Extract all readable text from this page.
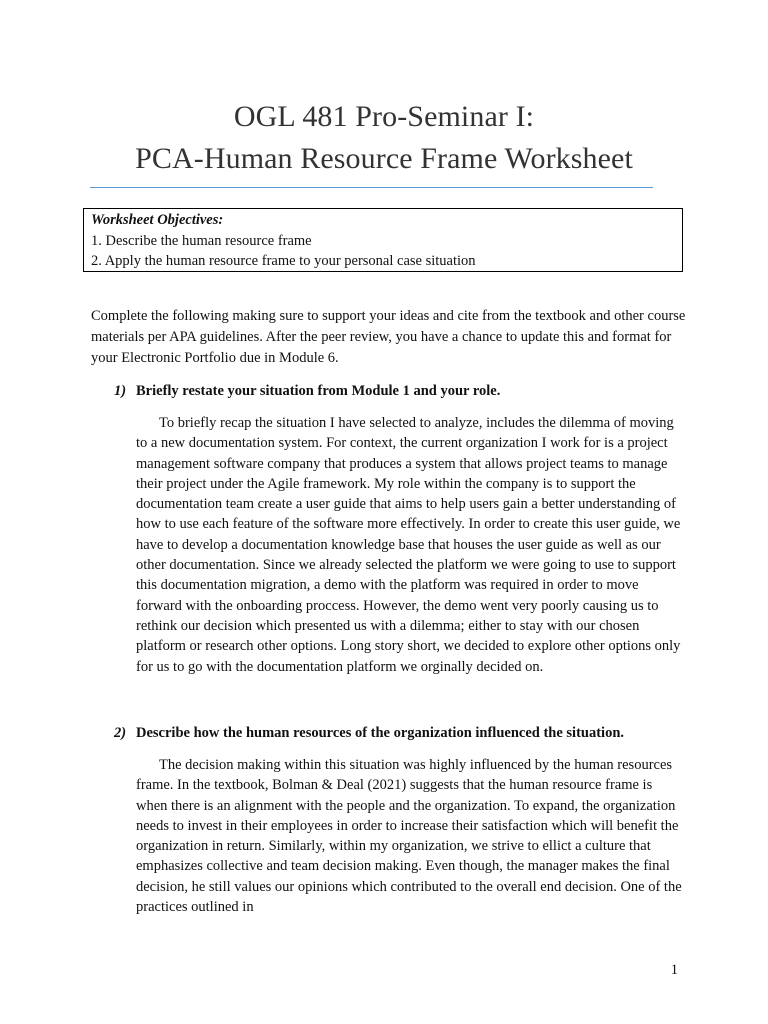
OGL 481 Pro-Seminar I:
PCA-Human Resource Frame Worksheet
Worksheet Objectives:
1. Describe the human resource frame
2. Apply the human resource frame to your personal case situation
Complete the following making sure to support your ideas and cite from the textbook and other course materials per APA guidelines. After the peer review, you have a chance to update this and format for your Electronic Portfolio due in Module 6.
1) Briefly restate your situation from Module 1 and your role.
To briefly recap the situation I have selected to analyze, includes the dilemma of moving to a new documentation system. For context, the current organization I work for is a project management software company that produces a system that allows project teams to manage their project under the Agile framework. My role within the company is to support the documentation team create a user guide that aims to help users gain a better understanding of how to use each feature of the software more effectively. In order to create this user guide, we have to develop a documentation knowledge base that houses the user guide as well as our other documentation. Since we already selected the platform we were going to use to support this documentation migration, a demo with the platform was required in order to move forward with the onboarding proccess. However, the demo went very poorly causing us to rethink our decision which presented us with a dilemma; either to stay with our chosen platform or research other options. Long story short, we decided to explore other options only for us to go with the documentation platform we orginally decided on.
2) Describe how the human resources of the organization influenced the situation.
The decision making within this situation was highly influenced by the human resources frame. In the textbook, Bolman & Deal (2021) suggests that the human resource frame is when there is an alignment with the people and the organization. To expand, the organization needs to invest in their employees in order to increase their satisfaction which will benefit the organization in return. Similarly, within my organization, we strive to ellict a culture that emphasizes collective and team decision making. Even though, the manager makes the final decision, he still values our opinions which contributed to the overall end decision. One of the practices outlined in
1
